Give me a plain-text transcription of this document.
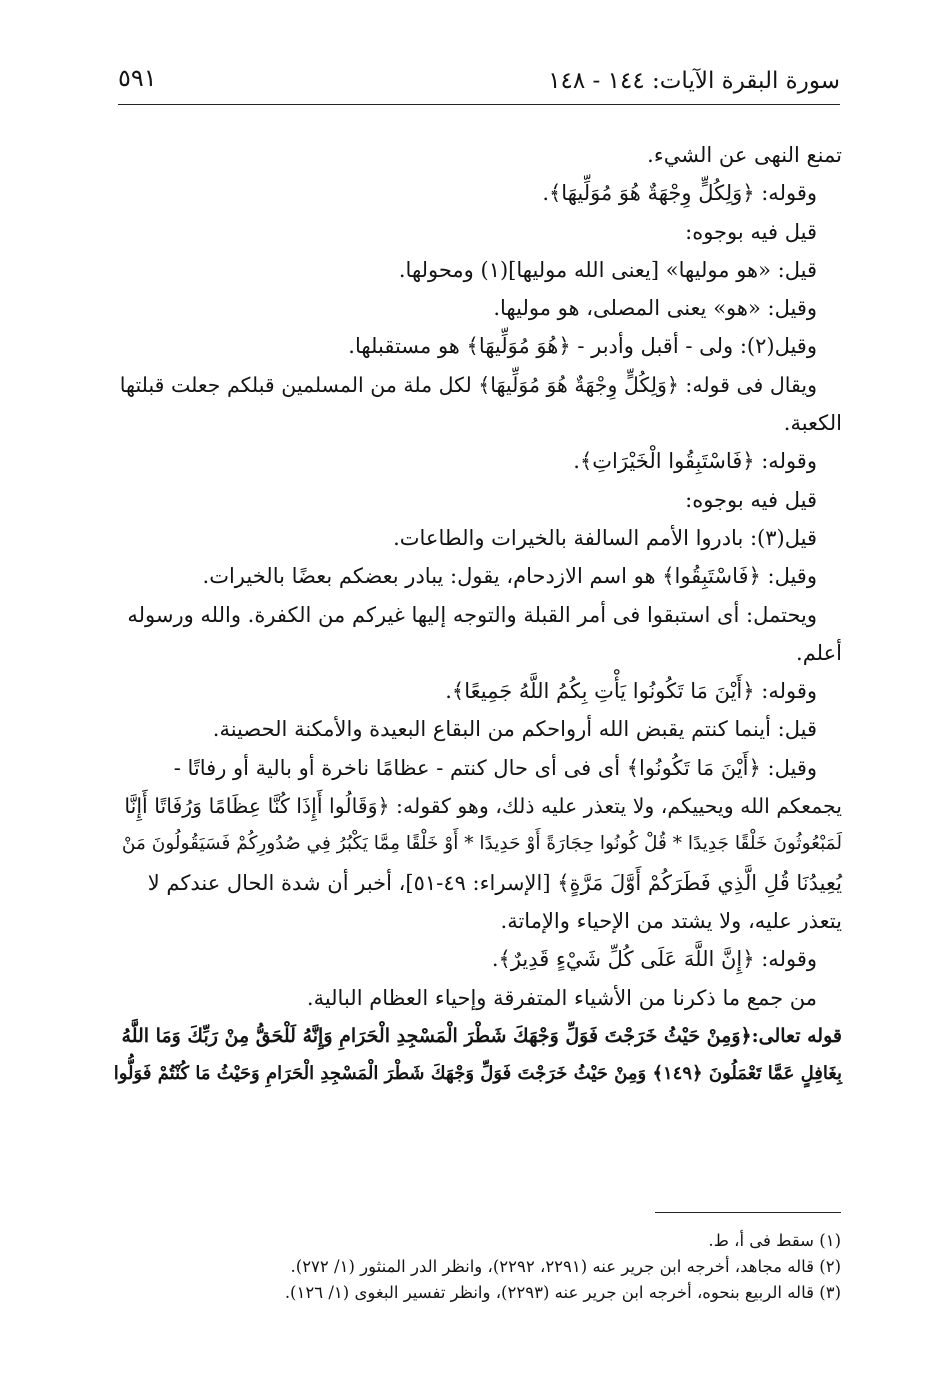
سورة البقرة الآيات: ١٤٤ - ١٤٨
٥٩١

تمنع النهى عن الشيء.

وقوله: ﴿وَلِكُلٍّ وِجْهَةٌ هُوَ مُوَلِّيهَا﴾.

قيل فيه بوجوه:

قيل: «هو موليها» [يعنى الله موليها](١) ومحولها.

وقيل: «هو» يعنى المصلى، هو موليها.

وقيل(٢): ولى - أقبل وأدبر - ﴿هُوَ مُوَلِّيهَا﴾ هو مستقبلها.

ويقال فى قوله: ﴿وَلِكُلٍّ وِجْهَةٌ هُوَ مُوَلِّيهَا﴾ لكل ملة من المسلمين قبلكم جعلت قبلتها

الكعبة.

وقوله: ﴿فَاسْتَبِقُوا الْخَيْرَاتِ﴾.

قيل فيه بوجوه:

قيل(٣): بادروا الأمم السالفة بالخيرات والطاعات.

وقيل: ﴿فَاسْتَبِقُوا﴾ هو اسم الازدحام، يقول: يبادر بعضكم بعضًا بالخيرات.

ويحتمل: أى استبقوا فى أمر القبلة والتوجه إليها غيركم من الكفرة. والله ورسوله

أعلم.

وقوله: ﴿أَيْنَ مَا تَكُونُوا يَأْتِ بِكُمُ اللَّهُ جَمِيعًا﴾.

قيل: أينما كنتم يقبض الله أرواحكم من البقاع البعيدة والأمكنة الحصينة.

وقيل: ﴿أَيْنَ مَا تَكُونُوا﴾ أى فى أى حال كنتم - عظامًا ناخرة أو بالية أو رفاتًا -

يجمعكم الله ويحييكم، ولا يتعذر عليه ذلك، وهو كقوله: ﴿وَقَالُوا أَإِذَا كُنَّا عِظَامًا وَرُفَاتًا أَإِنَّا

لَمَبْعُوثُونَ خَلْقًا جَدِيدًا * قُلْ كُونُوا حِجَارَةً أَوْ حَدِيدًا * أَوْ خَلْقًا مِمَّا يَكْبُرُ فِي صُدُورِكُمْ فَسَيَقُولُونَ مَنْ

يُعِيدُنَا قُلِ الَّذِي فَطَرَكُمْ أَوَّلَ مَرَّةٍ﴾ [الإسراء: ٤٩-٥١]، أخبر أن شدة الحال عندكم لا

يتعذر عليه، ولا يشتد من الإحياء والإماتة.

وقوله: ﴿إِنَّ اللَّهَ عَلَى كُلِّ شَيْءٍ قَدِيرٌ﴾.

من جمع ما ذكرنا من الأشياء المتفرقة وإحياء العظام البالية.

قوله تعالى:﴿وَمِنْ حَيْثُ خَرَجْتَ فَوَلِّ وَجْهَكَ شَطْرَ الْمَسْجِدِ الْحَرَامِ وَإِنَّهُ لَلْحَقُّ مِنْ رَبِّكَ وَمَا اللَّهُ

بِغَافِلٍ عَمَّا تَعْمَلُونَ ﴿١٤٩﴾ وَمِنْ حَيْثُ خَرَجْتَ فَوَلِّ وَجْهَكَ شَطْرَ الْمَسْجِدِ الْحَرَامِ وَحَيْثُ مَا كُنْتُمْ فَوَلُّوا

(١) سقط فى أ، ط.

(٢) قاله مجاهد، أخرجه ابن جرير عنه (٢٢٩١، ٢٢٩٢)، وانظر الدر المنثور (١/ ٢٧٢).

(٣) قاله الربيع بنحوه، أخرجه ابن جرير عنه (٢٢٩٣)، وانظر تفسير البغوى (١/ ١٢٦).
